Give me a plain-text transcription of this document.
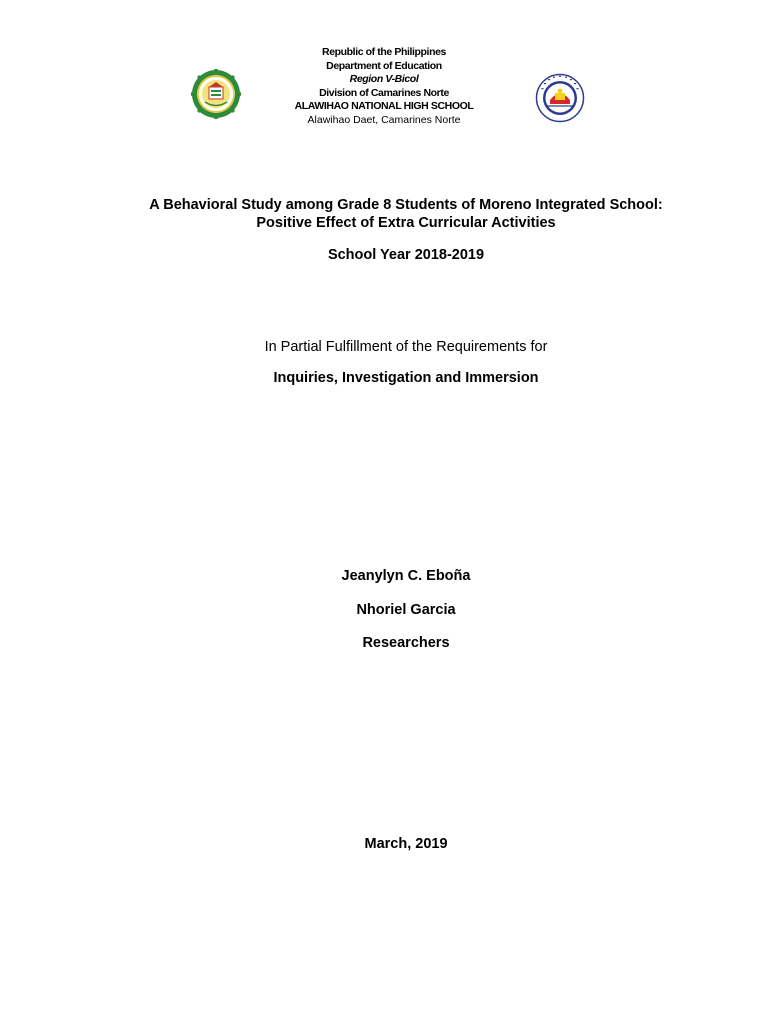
Republic of the Philippines
Department of Education
Region V-Bicol
Division of Camarines Norte
ALAWIHAO NATIONAL HIGH SCHOOL
Alawihao Daet, Camarines Norte
A Behavioral Study among Grade 8 Students of Moreno Integrated School:
Positive Effect of Extra Curricular Activities
School Year 2018-2019
In Partial Fulfillment of the Requirements for
Inquiries, Investigation and Immersion
Jeanylyn C. Eboña
Nhoriel Garcia
Researchers
March, 2019
